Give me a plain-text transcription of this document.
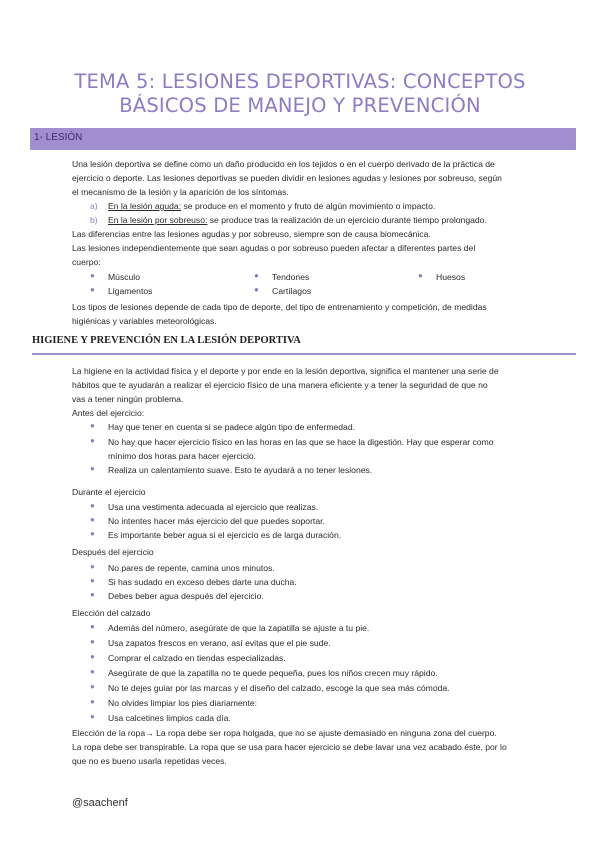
TEMA 5: LESIONES DEPORTIVAS: CONCEPTOS
BÁSICOS DE MANEJO Y PREVENCIÓN
1- LESIÓN
Una lesión deportiva se define como un daño producido en los tejidos o en el cuerpo derivado de la práctica de
ejercicio o deporte. Las lesiones deportivas se pueden dividir en lesiones agudas y lesiones por sobreuso, según
el mecanismo de la lesión y la aparición de los síntomas.
a) En la lesión aguda: se produce en el momento y fruto de algún movimiento o impacto.
b) En la lesión por sobreuso: se produce tras la realización de un ejercicio durante tiempo prolongado.
Las diferencias entre las lesiones agudas y por sobreuso, siempre son de causa biomecánica.
Las lesiones independientemente que sean agudas o por sobreuso pueden afectar a diferentes partes del
cuerpo:
● Músculo
● Ligamentos
● Tendones
● Cartílagos
● Huesos
Los tipos de lesiones depende de cada tipo de deporte, del tipo de entrenamiento y competición, de medidas
higiénicas y variables meteorológicas.
HIGIENE Y PREVENCIÓN EN LA LESIÓN DEPORTIVA
La higiene en la actividad física y el deporte y por ende en la lesión deportiva, significa el mantener una serie de
hábitos que te ayudarán a realizar el ejercicio físico de una manera eficiente y a tener la seguridad de que no
vas a tener ningún problema.
Antes del ejercicio:
● Hay que tener en cuenta si se padece algún tipo de enfermedad.
● No hay que hacer ejercicio físico en las horas en las que se hace la digestión. Hay que esperar como
mínimo dos horas para hacer ejercicio.
● Realiza un calentamiento suave. Esto te ayudará a no tener lesiones.
Durante el ejercicio
● Usa una vestimenta adecuada al ejercicio que realizas.
● No intentes hacer más ejercicio del que puedes soportar.
● Es importante beber agua si el ejercicio es de larga duración.
Después del ejercicio
● No pares de repente, camina unos minutos.
● Si has sudado en exceso debes darte una ducha.
● Debes beber agua después del ejercicio.
Elección del calzado
● Además del número, asegúrate de que la zapatilla se ajuste a tu pie.
● Usa zapatos frescos en verano, así evitas que el pie sude.
● Comprar el calzado en tiendas especializadas.
● Asegúrate de que la zapatilla no te quede pequeña, pues los niños crecen muy rápido.
● No te dejes guiar por las marcas y el diseño del calzado, escoge la que sea más cómoda.
● No olvides limpiar los pies diariamente:
● Usa calcetines limpios cada día.
Elección de la ropa→ La ropa debe ser ropa holgada, que no se ajuste demasiado en ninguna zona del cuerpo.
La ropa debe ser transpirable. La ropa que se usa para hacer ejercicio se debe lavar una vez acabado éste, por lo
que no es bueno usarla repetidas veces.
@saachenf
